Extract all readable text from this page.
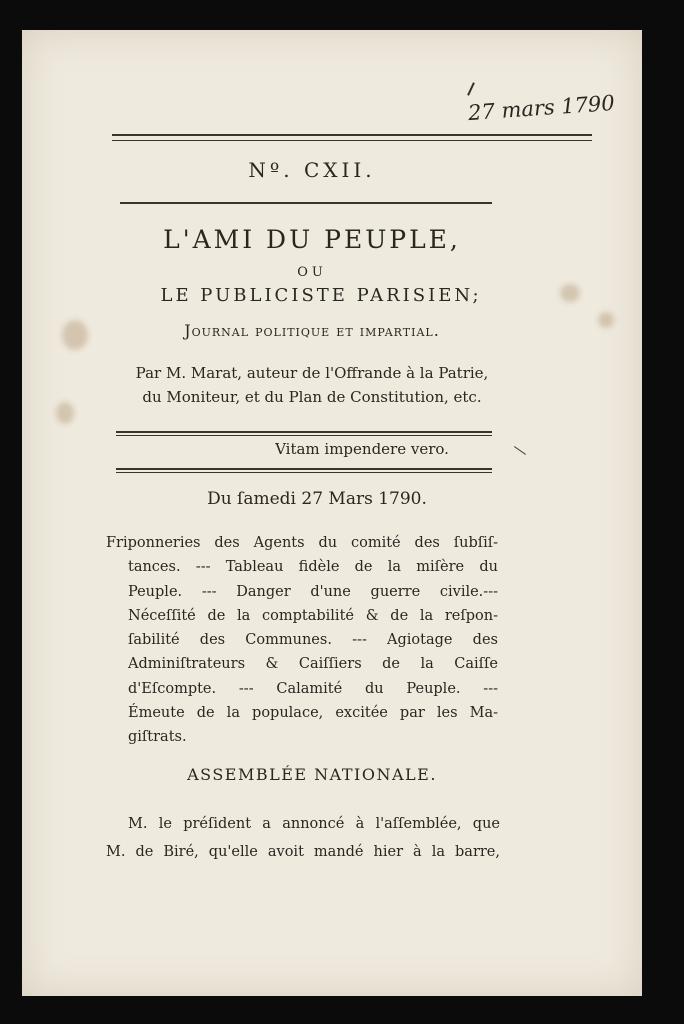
27 mars 1790
Nº. CXII.
L'AMI DU PEUPLE,
OU
LE PUBLICISTE PARISIEN;
Journal politique et impartial.
Par M. Marat, auteur de l'Offrande à la Patrie,
du Moniteur, et du Plan de Constitution, etc.
Vitam impendere vero.
Du ſamedi 27 Mars 1790.
Friponneries des Agents du comité des ſubſiſ-
tances. --- Tableau fidèle de la miſère du
Peuple. --- Danger d'une guerre civile.---
Néceſſité de la comptabilité & de la reſpon-
ſabilité des Communes. --- Agiotage des
Adminiſtrateurs & Caiſſiers de la Caiſſe
d'Eſcompte. --- Calamité du Peuple. ---
Émeute de la populace, excitée par les Ma-
giſtrats.
ASSEMBLÉE NATIONALE.
M. le préſident a annoncé à l'aſſemblée, que
M. de Biré, qu'elle avoit mandé hier à la barre,
